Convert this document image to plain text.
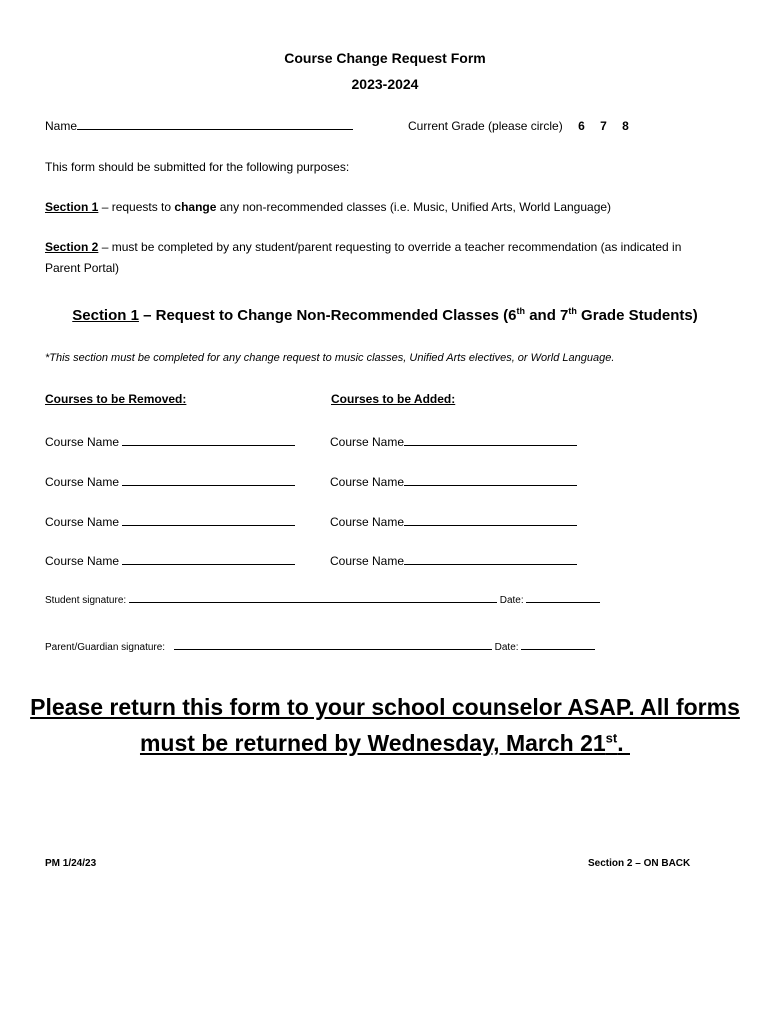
Course Change Request Form
2023-2024
Name	Current Grade (please circle) 6 7 8
This form should be submitted for the following purposes:
Section 1 – requests to change any non-recommended classes (i.e. Music, Unified Arts, World Language)
Section 2 – must be completed by any student/parent requesting to override a teacher recommendation (as indicated in
Parent Portal)
Section 1 – Request to Change Non-Recommended Classes (6th and 7th Grade Students)
*This section must be completed for any change request to music classes, Unified Arts electives, or World Language.
Courses to be Removed:	Courses to be Added:
Course Name	Course Name
Course Name	Course Name
Course Name	Course Name
Course Name	Course Name
Student signature:	Date:
Parent/Guardian signature:	Date:
Please return this form to your school counselor ASAP. All forms
must be returned by Wednesday, March 21st.
PM 1/24/23	Section 2 – ON BACK
